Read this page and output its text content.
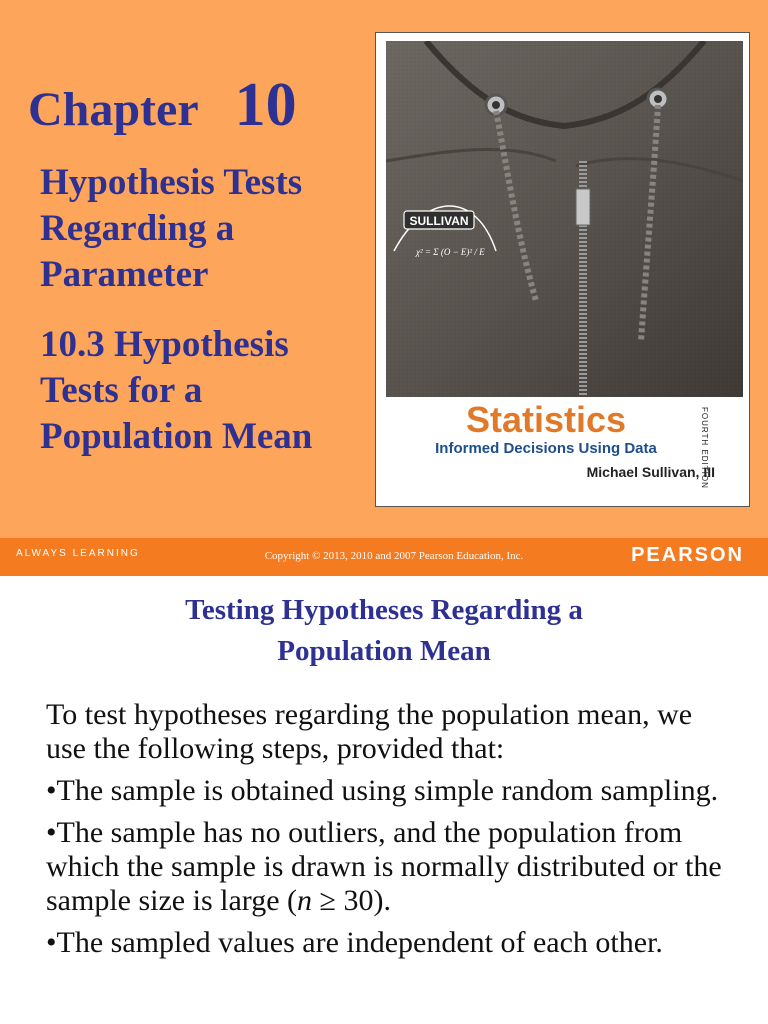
Chapter 10
Hypothesis Tests Regarding a Parameter
10.3 Hypothesis Tests for a Population Mean
SULLIVAN
χ² = Σ (O − E)² / E
Statistics
Informed Decisions Using Data
Michael Sullivan, III
FOURTH EDITION
ALWAYS LEARNING	Copyright © 2013, 2010 and 2007 Pearson Education, Inc.	PEARSON
Testing Hypotheses Regarding a
Population Mean

To test hypotheses regarding the population mean, we use the following steps, provided that:

•The sample is obtained using simple random sampling.

•The sample has no outliers, and the population from which the sample is drawn is normally distributed or the sample size is large (n ≥ 30).

•The sampled values are independent of each other.
